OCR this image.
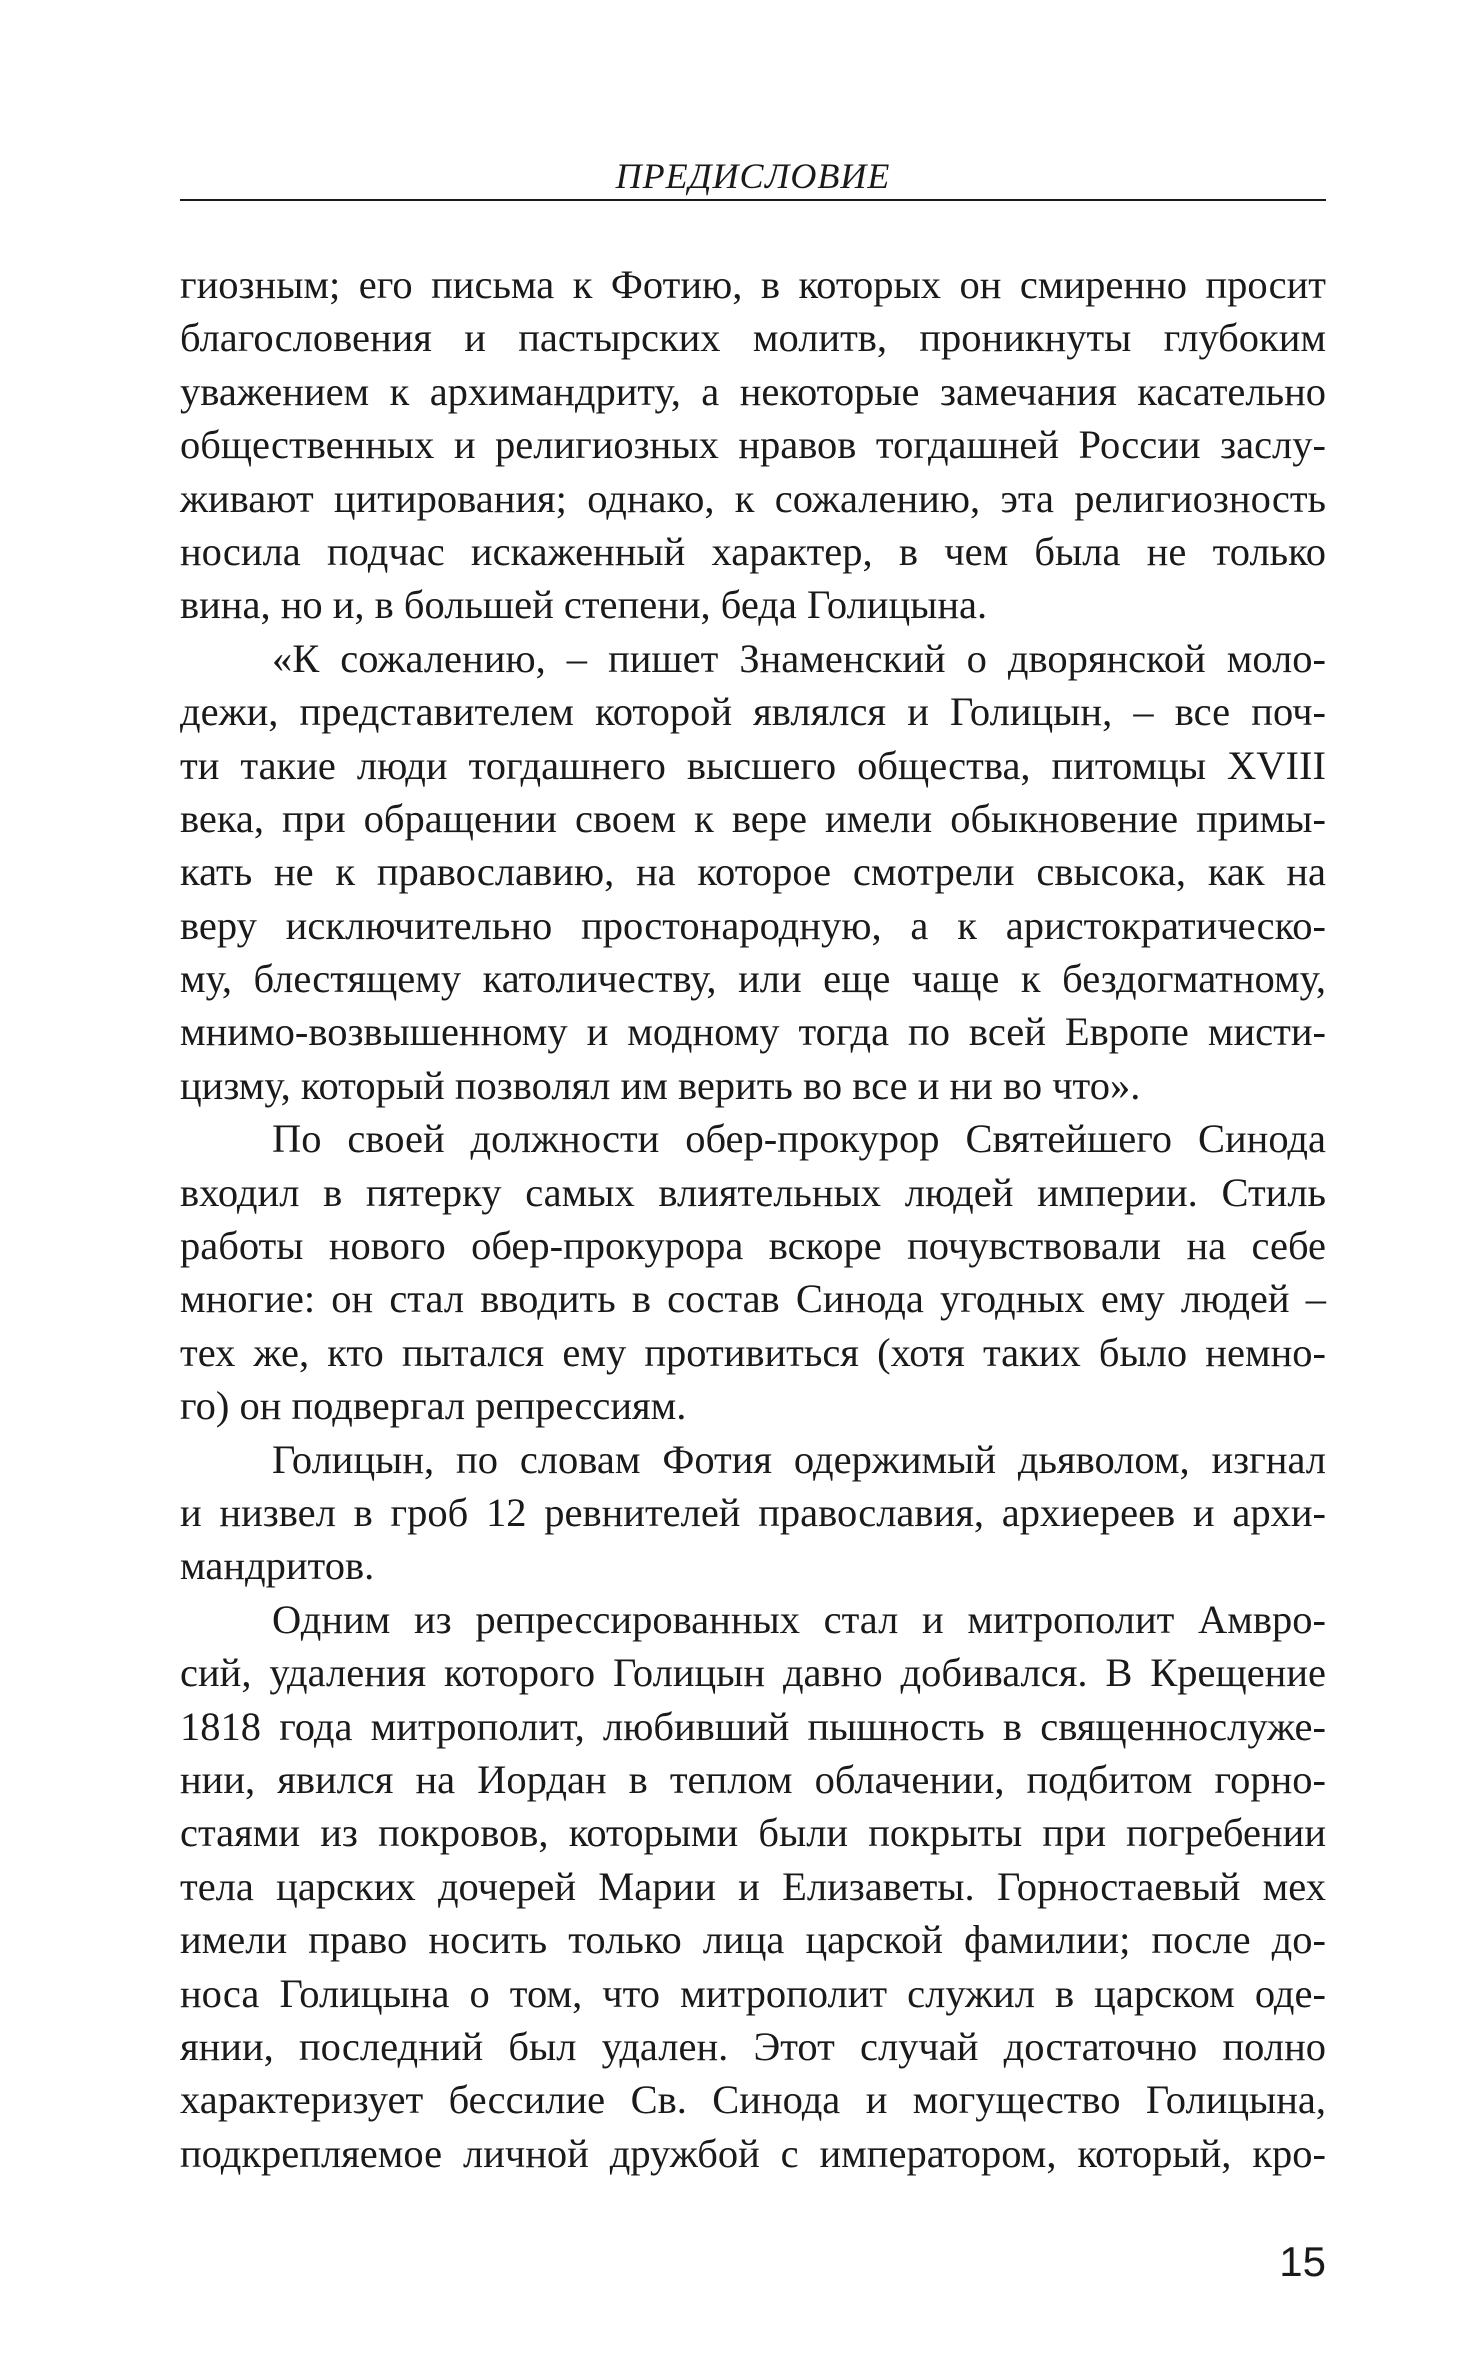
ПРЕДИСЛОВИЕ
гиозным; его письма к Фотию, в которых он смиренно просит
благословения и пастырских молитв, проникнуты глубоким
уважением к архимандриту, а некоторые замечания касательно
общественных и религиозных нравов тогдашней России заслу-
живают цитирования; однако, к сожалению, эта религиозность
носила подчас искаженный характер, в чем была не только
вина, но и, в большей степени, беда Голицына.
«К сожалению, – пишет Знаменский о дворянской моло-
дежи, представителем которой являлся и Голицын, – все поч-
ти такие люди тогдашнего высшего общества, питомцы XVIII
века, при обращении своем к вере имели обыкновение примы-
кать не к православию, на которое смотрели свысока, как на
веру исключительно простонародную, а к аристократическо-
му, блестящему католичеству, или еще чаще к бездогматному,
мнимо-возвышенному и модному тогда по всей Европе мисти-
цизму, который позволял им верить во все и ни во что».
По своей должности обер-прокурор Святейшего Синода
входил в пятерку самых влиятельных людей империи. Стиль
работы нового обер-прокурора вскоре почувствовали на себе
многие: он стал вводить в состав Синода угодных ему людей –
тех же, кто пытался ему противиться (хотя таких было немно-
го) он подвергал репрессиям.
Голицын, по словам Фотия одержимый дьяволом, изгнал
и низвел в гроб 12 ревнителей православия, архиереев и архи-
мандритов.
Одним из репрессированных стал и митрополит Амвро-
сий, удаления которого Голицын давно добивался. В Крещение
1818 года митрополит, любивший пышность в священнослуже-
нии, явился на Иордан в теплом облачении, подбитом горно-
стаями из покровов, которыми были покрыты при погребении
тела царских дочерей Марии и Елизаветы. Горностаевый мех
имели право носить только лица царской фамилии; после до-
носа Голицына о том, что митрополит служил в царском оде-
янии, последний был удален. Этот случай достаточно полно
характеризует бессилие Св. Синода и могущество Голицына,
подкрепляемое личной дружбой с императором, который, кро-
15
